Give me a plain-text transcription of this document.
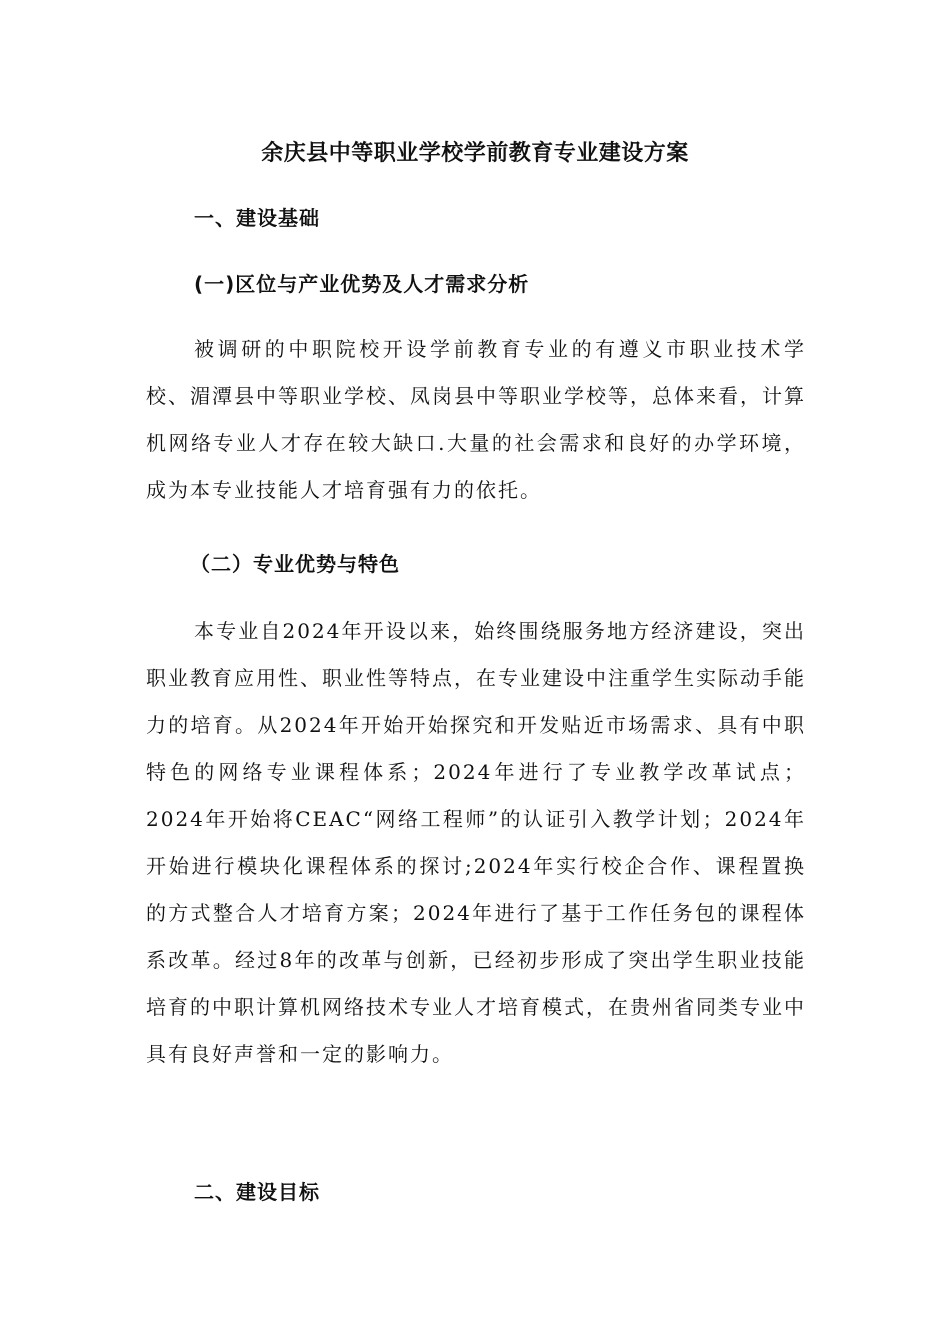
余庆县中等职业学校学前教育专业建设方案
一、建设基础
(一)区位与产业优势及人才需求分析

被调研的中职院校开设学前教育专业的有遵义市职业技术学校、湄潭县中等职业学校、凤岗县中等职业学校等，总体来看，计算机网络专业人才存在较大缺口.大量的社会需求和良好的办学环境，成为本专业技能人才培育强有力的依托。

（二）专业优势与特色

本专业自2024年开设以来，始终围绕服务地方经济建设，突出职业教育应用性、职业性等特点，在专业建设中注重学生实际动手能力的培育。从2024年开始开始探究和开发贴近市场需求、具有中职特色的网络专业课程体系；2024年进行了专业教学改革试点；2024年开始将CEAC“网络工程师”的认证引入教学计划；2024年开始进行模块化课程体系的探讨;2024年实行校企合作、课程置换的方式整合人才培育方案；2024年进行了基于工作任务包的课程体系改革。经过8年的改革与创新，已经初步形成了突出学生职业技能培育的中职计算机网络技术专业人才培育模式，在贵州省同类专业中具有良好声誉和一定的影响力。

二、建设目标
